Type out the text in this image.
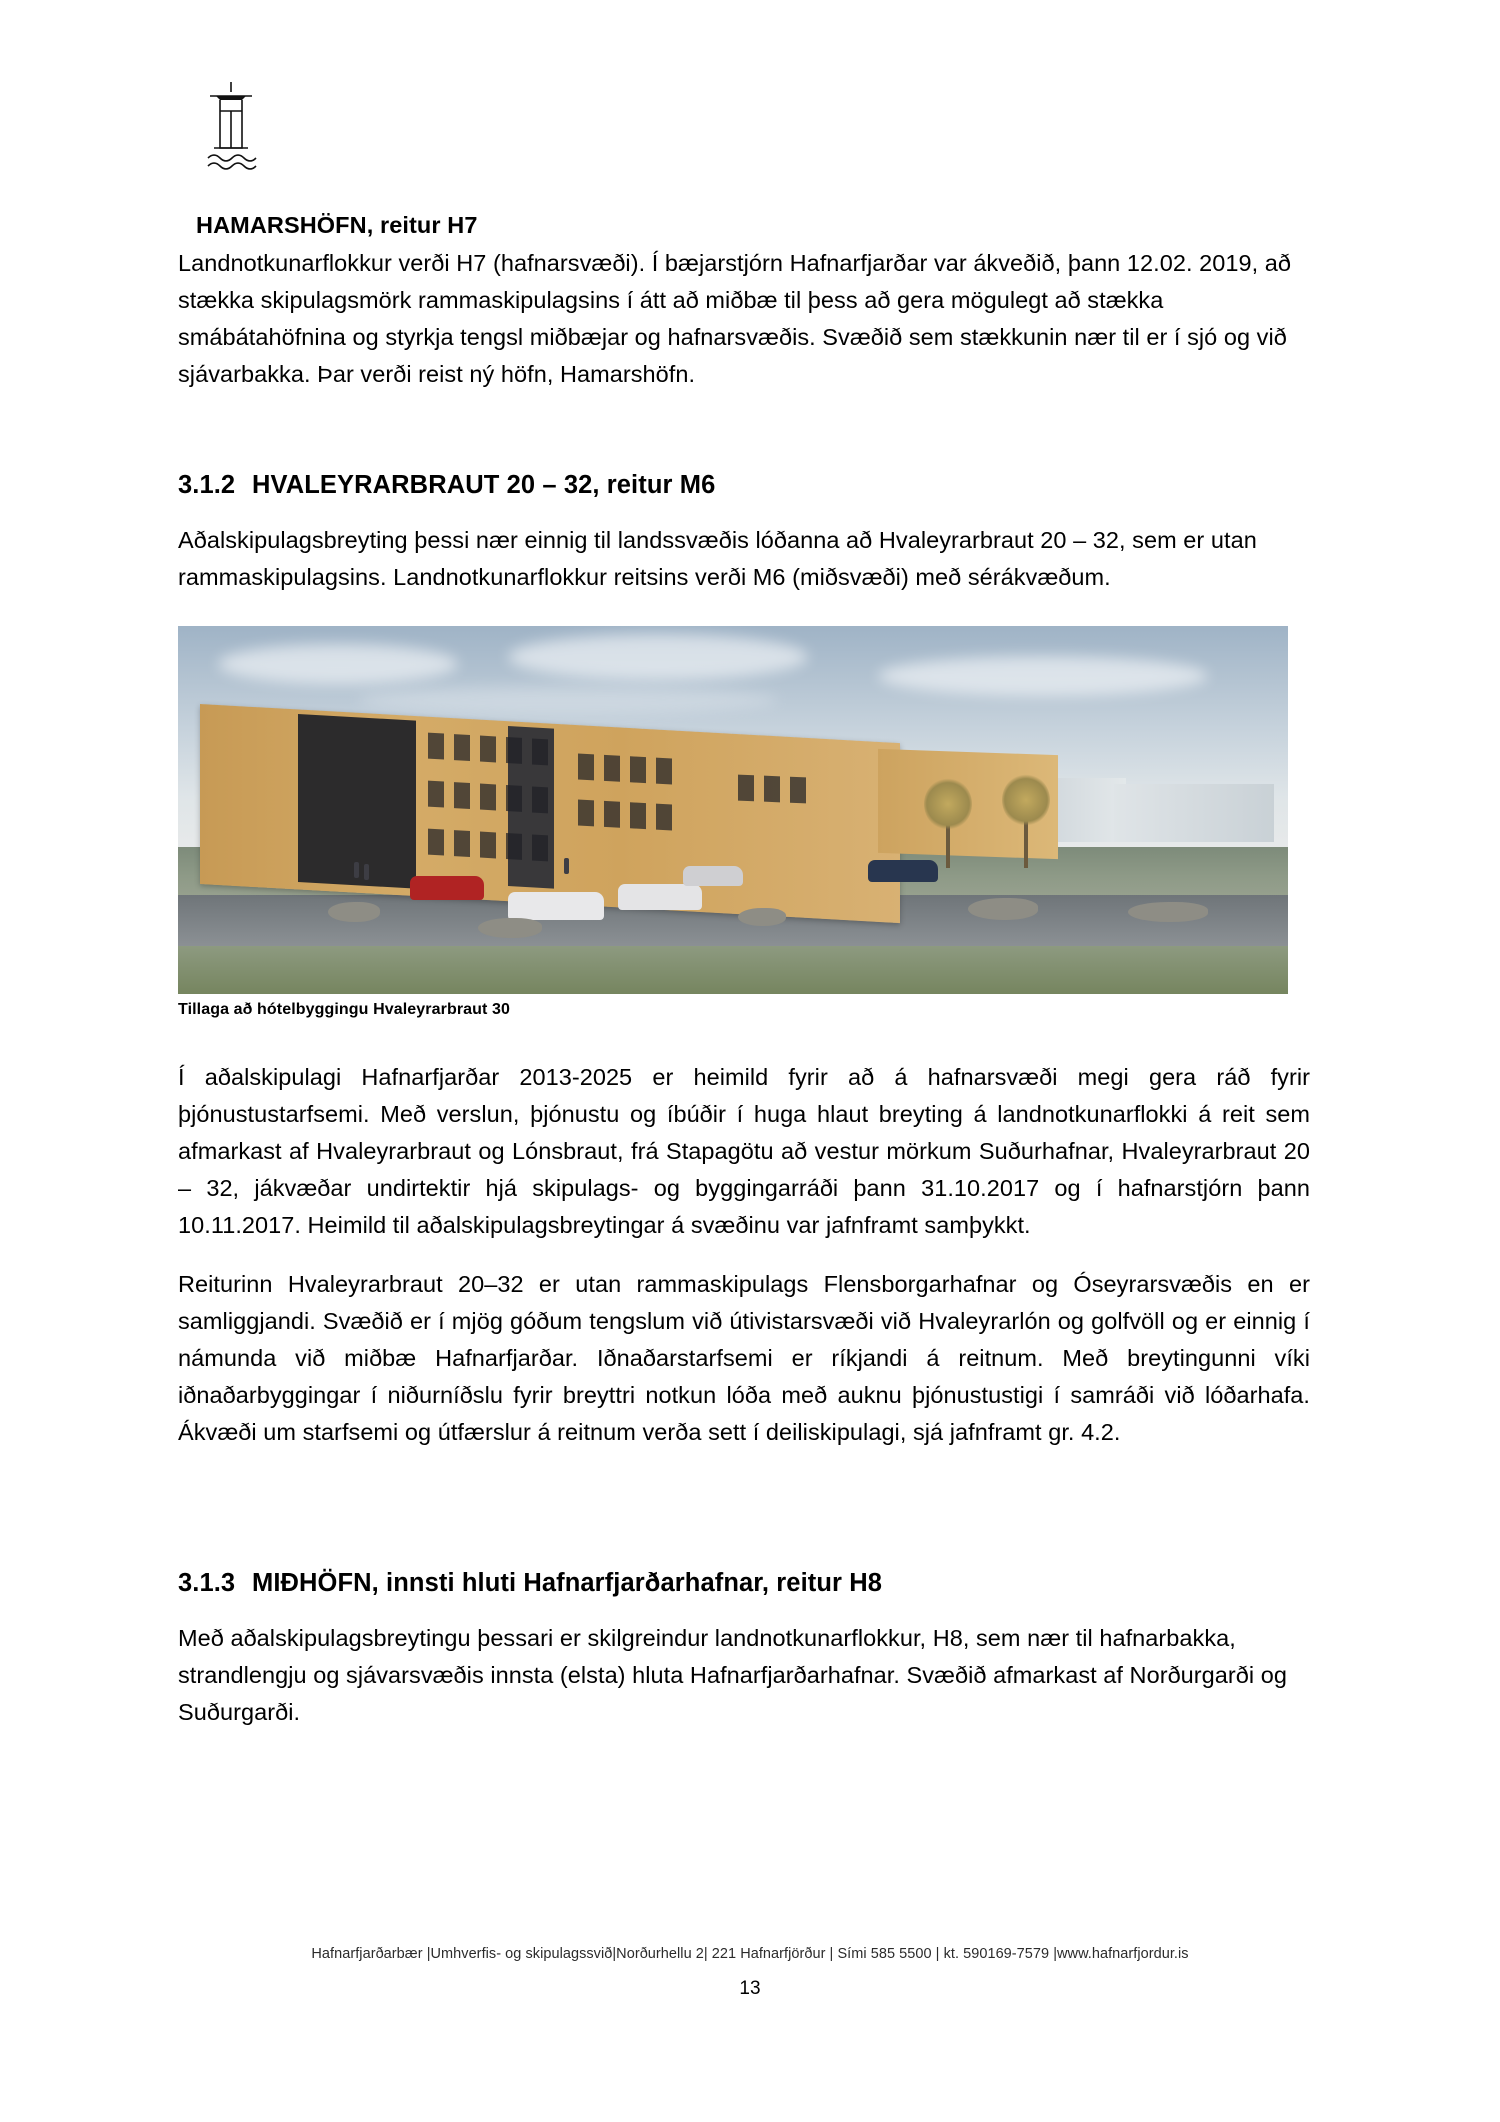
HAMARSHÖFN, reitur H7

Landnotkunarflokkur verði H7 (hafnarsvæði). Í bæjarstjórn Hafnarfjarðar var ákveðið, þann 12.02. 2019, að stækka skipulagsmörk rammaskipulagsins í átt að miðbæ til þess að gera mögulegt að stækka smábátahöfnina og styrkja tengsl miðbæjar og hafnarsvæðis. Svæðið sem stækkunin nær til er í sjó og við sjávarbakka. Þar verði reist ný höfn, Hamarshöfn.

3.1.2 HVALEYRARBRAUT 20 – 32, reitur M6

Aðalskipulagsbreyting þessi nær einnig til landssvæðis lóðanna að Hvaleyrarbraut 20 – 32, sem er utan rammaskipulagsins. Landnotkunarflokkur reitsins verði M6 (miðsvæði) með sérákvæðum.

Tillaga að hótelbyggingu Hvaleyrarbraut 30

Í aðalskipulagi Hafnarfjarðar 2013-2025 er heimild fyrir að á hafnarsvæði megi gera ráð fyrir þjónustustarfsemi. Með verslun, þjónustu og íbúðir í huga hlaut breyting á landnotkunarflokki á reit sem afmarkast af Hvaleyrarbraut og Lónsbraut, frá Stapagötu að vestur mörkum Suðurhafnar, Hvaleyrarbraut 20 – 32, jákvæðar undirtektir hjá skipulags- og byggingarráði þann 31.10.2017 og í hafnarstjórn þann 10.11.2017. Heimild til aðalskipulagsbreytingar á svæðinu var jafnframt samþykkt.

Reiturinn Hvaleyrarbraut 20–32 er utan rammaskipulags Flensborgarhafnar og Óseyrarsvæðis en er samliggjandi. Svæðið er í mjög góðum tengslum við útivistarsvæði við Hvaleyrarlón og golfvöll og er einnig í námunda við miðbæ Hafnarfjarðar. Iðnaðarstarfsemi er ríkjandi á reitnum. Með breytingunni víki iðnaðarbyggingar í niðurníðslu fyrir breyttri notkun lóða með auknu þjónustustigi í samráði við lóðarhafa. Ákvæði um starfsemi og útfærslur á reitnum verða sett í deiliskipulagi, sjá jafnframt gr. 4.2.

3.1.3 MIÐHÖFN, innsti hluti Hafnarfjarðarhafnar, reitur H8

Með aðalskipulagsbreytingu þessari er skilgreindur landnotkunarflokkur, H8, sem nær til hafnarbakka, strandlengju og sjávarsvæðis innsta (elsta) hluta Hafnarfjarðarhafnar. Svæðið afmarkast af Norðurgarði og Suðurgarði.

Hafnarfjarðarbær |Umhverfis- og skipulagssvið|Norðurhellu 2| 221 Hafnarfjörður | Sími 585 5500 | kt. 590169-7579 |www.hafnarfjordur.is
13
